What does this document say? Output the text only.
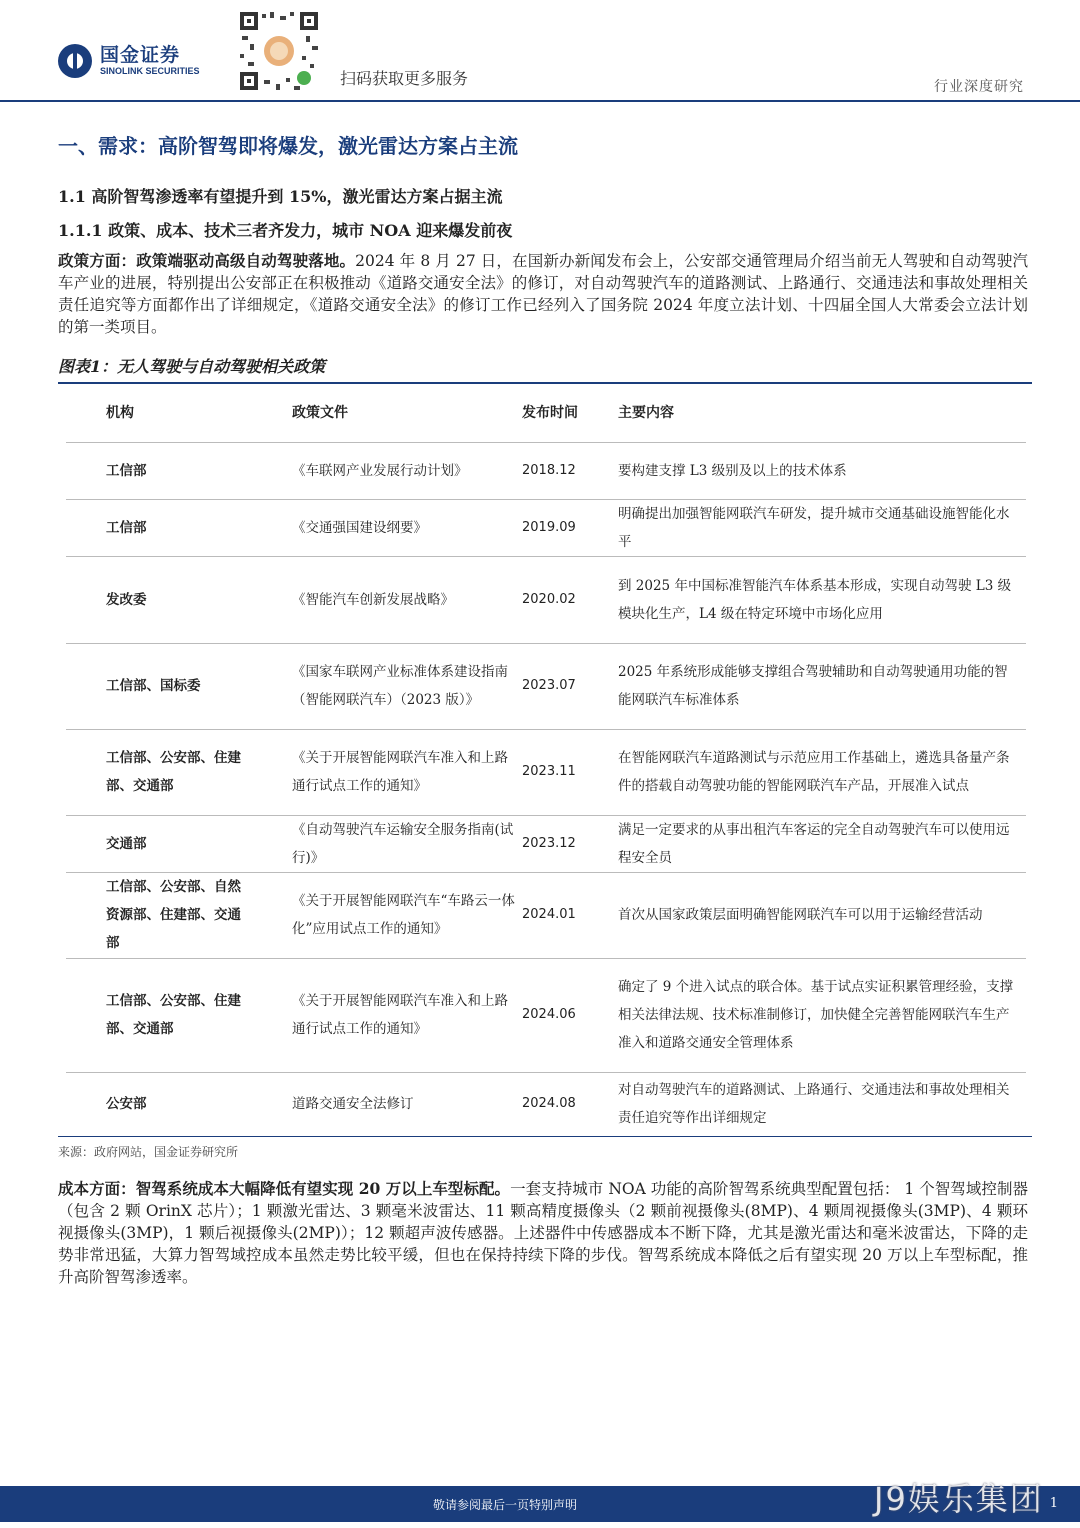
国金证券
SINOLINK SECURITIES	扫码获取更多服务	行业深度研究
一、需求：高阶智驾即将爆发，激光雷达方案占主流
1.1 高阶智驾渗透率有望提升到 15%，激光雷达方案占据主流
1.1.1 政策、成本、技术三者齐发力，城市 NOA 迎来爆发前夜
政策方面：政策端驱动高级自动驾驶落地。2024 年 8 月 27 日，在国新办新闻发布会上，公安部交通管理局介绍当前无人驾驶和自动驾驶汽车产业的进展，特别提出公安部正在积极推动《道路交通安全法》的修订，对自动驾驶汽车的道路测试、上路通行、交通违法和事故处理相关责任追究等方面都作出了详细规定，《道路交通安全法》的修订工作已经列入了国务院 2024 年度立法计划、十四届全国人大常委会立法计划的第一类项目。
图表1：无人驾驶与自动驾驶相关政策
机构	政策文件	发布时间	主要内容
工信部	《车联网产业发展行动计划》	2018.12	要构建支撑 L3 级别及以上的技术体系
工信部	《交通强国建设纲要》	2019.09	明确提出加强智能网联汽车研发，提升城市交通基础设施智能化水平
发改委	《智能汽车创新发展战略》	2020.02	到 2025 年中国标准智能汽车体系基本形成，实现自动驾驶 L3 级模块化生产，L4 级在特定环境中市场化应用
工信部、国标委	《国家车联网产业标准体系建设指南（智能网联汽车）（2023 版）》	2023.07	2025 年系统形成能够支撑组合驾驶辅助和自动驾驶通用功能的智能网联汽车标准体系
工信部、公安部、住建部、交通部	《关于开展智能网联汽车准入和上路通行试点工作的通知》	2023.11	在智能网联汽车道路测试与示范应用工作基础上，遴选具备量产条件的搭载自动驾驶功能的智能网联汽车产品，开展准入试点
交通部	《自动驾驶汽车运输安全服务指南(试行)》	2023.12	满足一定要求的从事出租汽车客运的完全自动驾驶汽车可以使用远程安全员
工信部、公安部、自然资源部、住建部、交通部	《关于开展智能网联汽车“车路云一体化”应用试点工作的通知》	2024.01	首次从国家政策层面明确智能网联汽车可以用于运输经营活动
工信部、公安部、住建部、交通部	《关于开展智能网联汽车准入和上路通行试点工作的通知》	2024.06	确定了 9 个进入试点的联合体。基于试点实证积累管理经验，支撑相关法律法规、技术标准制修订，加快健全完善智能网联汽车生产准入和道路交通安全管理体系
公安部	道路交通安全法修订	2024.08	对自动驾驶汽车的道路测试、上路通行、交通违法和事故处理相关责任追究等作出详细规定
来源：政府网站，国金证券研究所
成本方面：智驾系统成本大幅降低有望实现 20 万以上车型标配。一套支持城市 NOA 功能的高阶智驾系统典型配置包括： 1 个智驾域控制器（包含 2 颗 OrinX 芯片）；1 颗激光雷达、3 颗毫米波雷达、11 颗高精度摄像头（2 颗前视摄像头(8MP)、4 颗周视摄像头(3MP)、4 颗环视摄像头(3MP)，1 颗后视摄像头(2MP)）；12 颗超声波传感器。上述器件中传感器成本不断下降，尤其是激光雷达和毫米波雷达，下降的走势非常迅猛，大算力智驾域控成本虽然走势比较平缓，但也在保持持续下降的步伐。智驾系统成本降低之后有望实现 20 万以上车型标配，推升高阶智驾渗透率。
敬请参阅最后一页特别声明	J9娱乐集团 1
